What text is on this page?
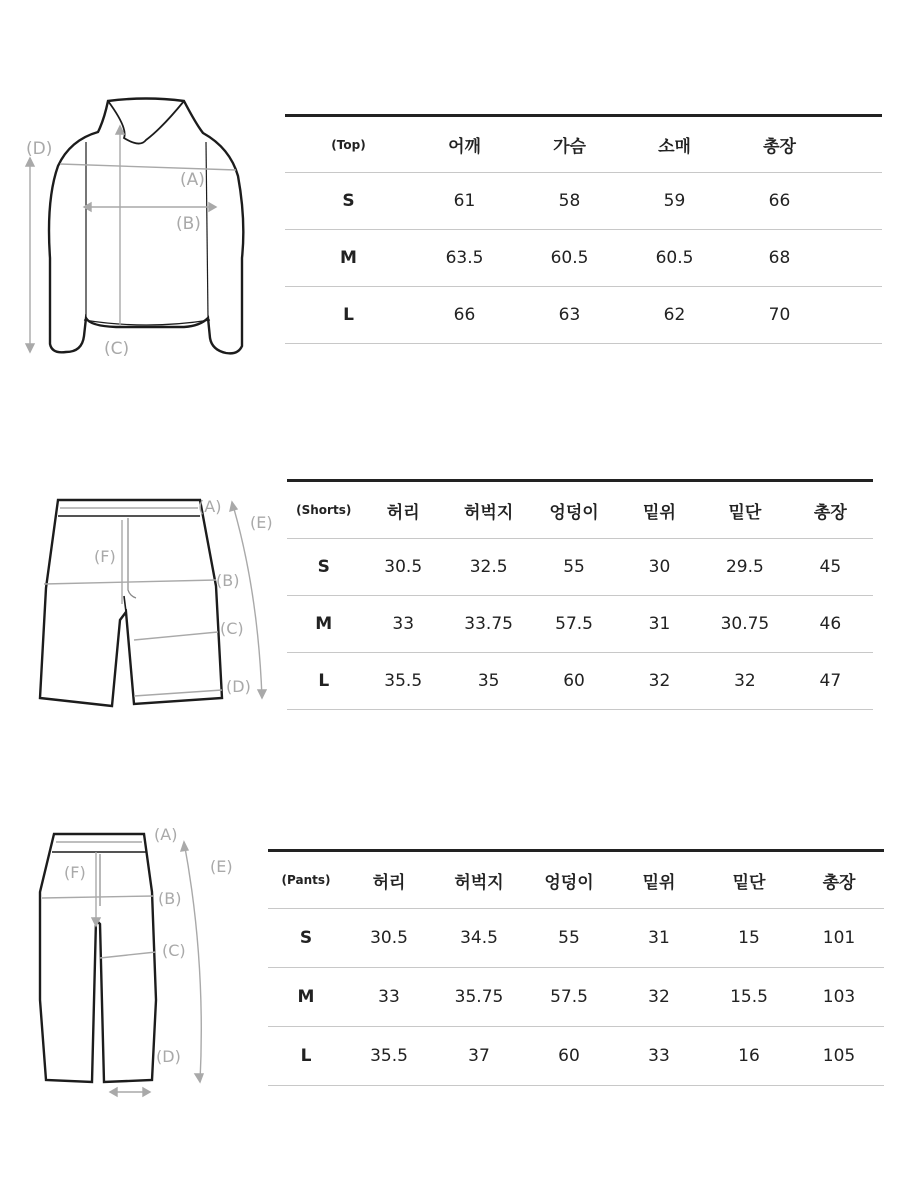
(D)
(A)
(B)
(C)
(Top)	어깨	가슴	소매	총장
S	61	58	59	66
M	63.5	60.5	60.5	68
L	66	63	62	70
(A)
(E)
(F)
(B)
(C)
(D)
(Shorts)	허리	허벅지	엉덩이	밑위	밑단	총장
S	30.5	32.5	55	30	29.5	45
M	33	33.75	57.5	31	30.75	46
L	35.5	35	60	32	32	47
(A)
(E)
(F)
(B)
(C)
(D)
(Pants)	허리	허벅지	엉덩이	밑위	밑단	총장
S	30.5	34.5	55	31	15	101
M	33	35.75	57.5	32	15.5	103
L	35.5	37	60	33	16	105
